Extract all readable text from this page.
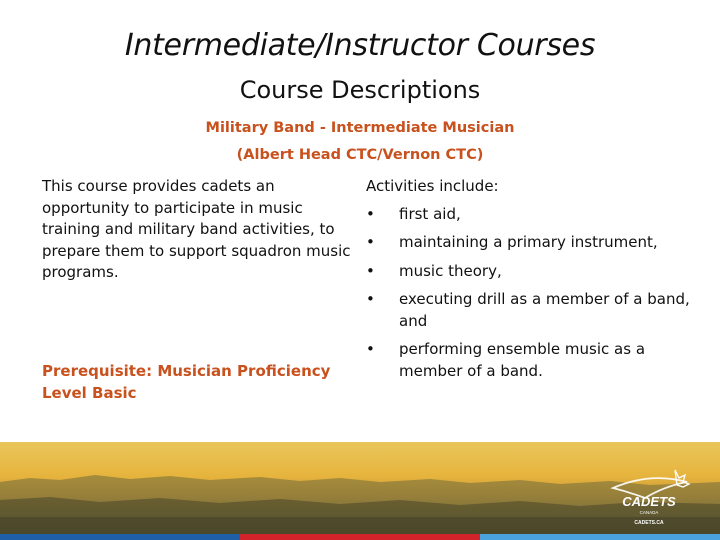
Intermediate/Instructor Courses
Course Descriptions
Military Band - Intermediate Musician
(Albert Head CTC/Vernon CTC)
This course provides cadets an opportunity to participate in music training and military band activities, to prepare them to support squadron music programs.
Prerequisite: Musician Proficiency Level Basic
Activities include:
• first aid,
• maintaining a primary instrument,
• music theory,
• executing drill as a member of a band, and
• performing ensemble music as a member of a band.
CADETS
CANADA
CADETS.CA
